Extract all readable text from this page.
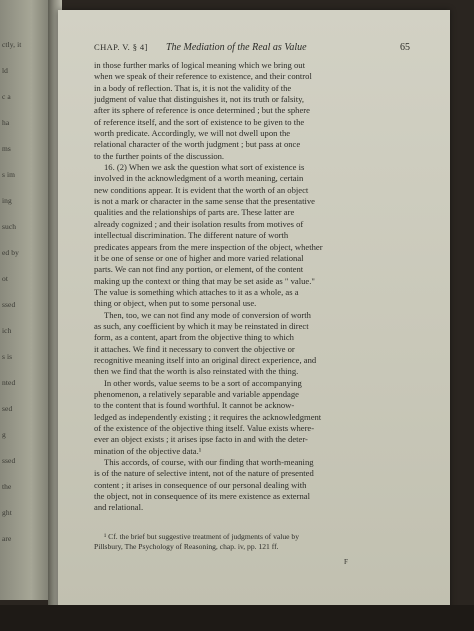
ctly, it
ld
c a
ha
ms
s im
ing
such
ed by
ot
ssed
ich
s is
nted
sed
g
ssed
the
ght
are
CHAP. V. § 4] The Mediation of the Real as Value	65
in those further marks of logical meaning which we bring out
when we speak of their reference to existence, and their control
in a body of reflection. That is, it is not the validity of the
judgment of value that distinguishes it, not its truth or falsity,
after its sphere of reference is once determined ; but the sphere
of reference itself, and the sort of existence to be given to the
worth predicate. Accordingly, we will not dwell upon the
relational character of the worth judgment ; but pass at once
to the further points of the discussion.
16. (2) When we ask the question what sort of existence is
involved in the acknowledgment of a worth meaning, certain
new conditions appear. It is evident that the worth of an object
is not a mark or character in the same sense that the presentative
qualities and the relationships of parts are. These latter are
already cognized ; and their isolation results from motives of
intellectual discrimination. The different nature of worth
predicates appears from the mere inspection of the object, whether
it be one of sense or one of higher and more varied relational
parts. We can not find any portion, or element, of the content
making up the context or thing that may be set aside as " value."
The value is something which attaches to it as a whole, as a
thing or object, when put to some personal use.
Then, too, we can not find any mode of conversion of worth
as such, any coefficient by which it may be reinstated in direct
form, as a content, apart from the objective thing to which
it attaches. We find it necessary to convert the objective or
recognitive meaning itself into an original direct experience, and
then we find that the worth is also reinstated with the thing.
In other words, value seems to be a sort of accompanying
phenomenon, a relatively separable and variable appendage
to the content that is found worthful. It cannot be acknow-
ledged as independently existing ; it requires the acknowledgment
of the existence of the objective thing itself. Value exists where-
ever an object exists ; it arises ipse facto in and with the deter-
mination of the objective data.¹
This accords, of course, with our finding that worth-meaning
is of the nature of selective intent, not of the nature of presented
content ; it arises in consequence of our personal dealing with
the object, not in consequence of its mere existence as external
and relational.
¹ Cf. the brief but suggestive treatment of judgments of value by
Pillsbury, The Psychology of Reasoning, chap. iv, pp. 121 ff.
F
